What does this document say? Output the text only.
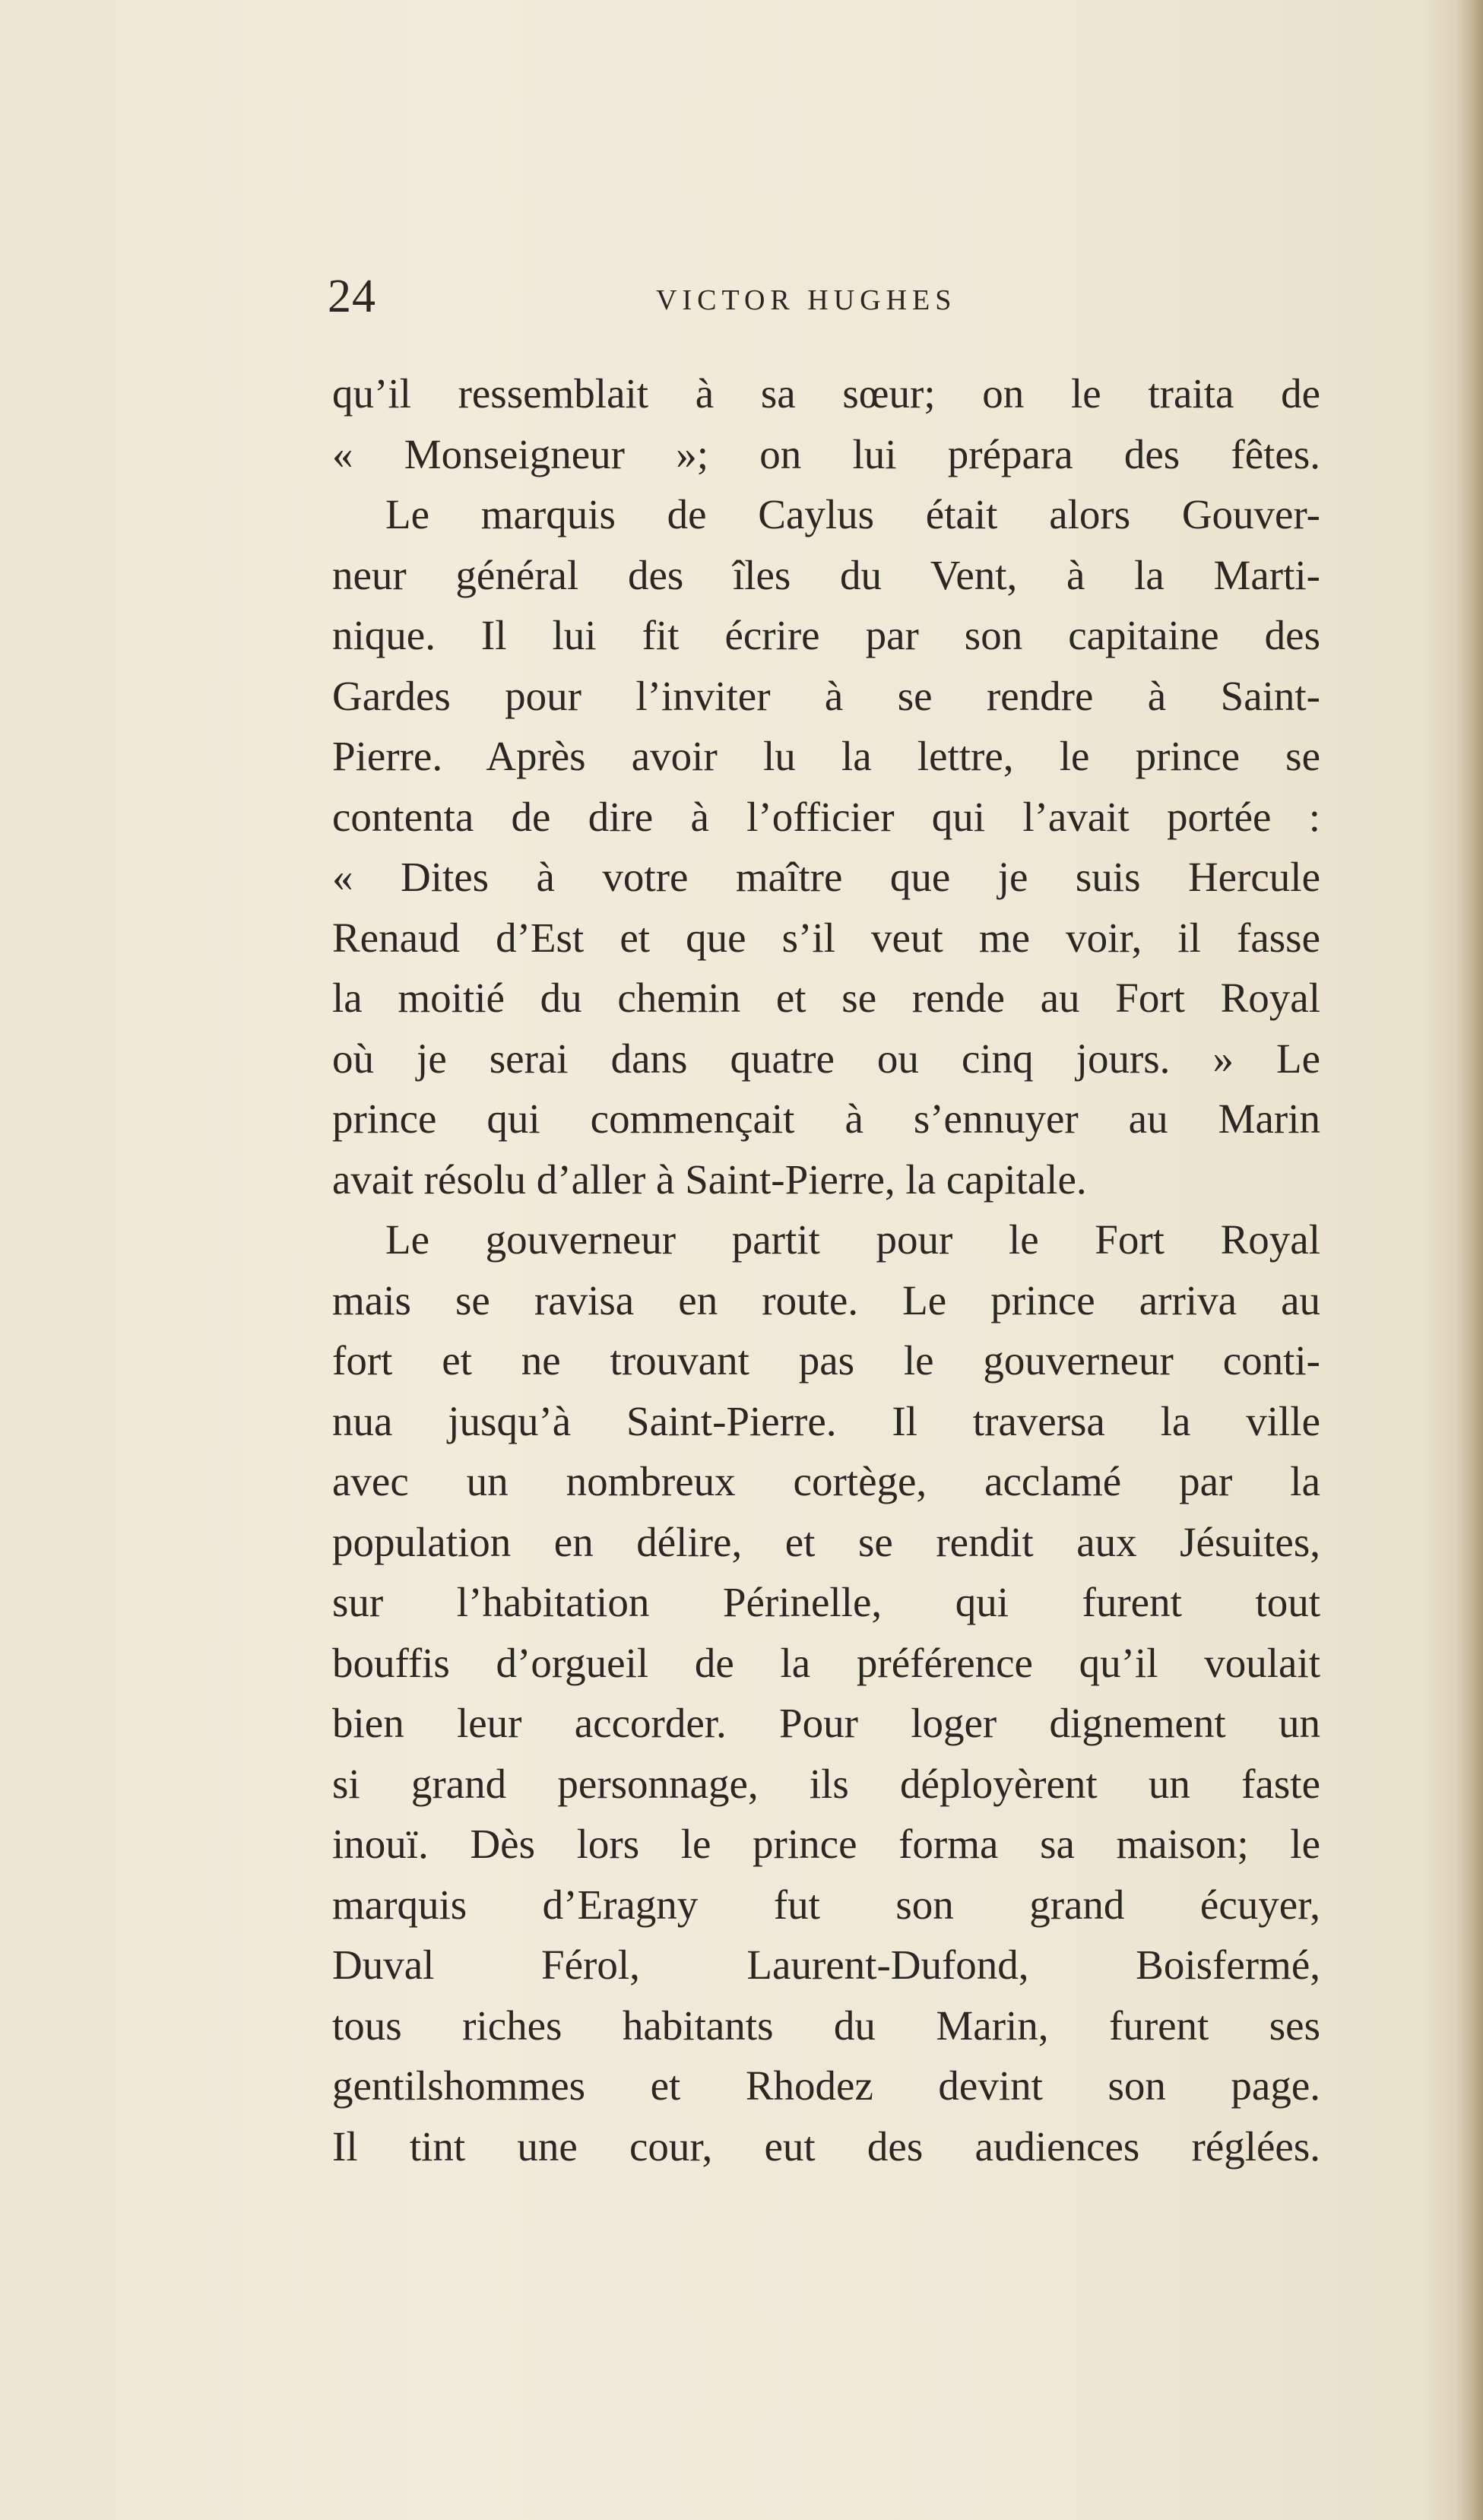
24	VICTOR HUGHES
qu’il ressemblait à sa sœur; on le traita de
« Monseigneur »; on lui prépara des fêtes.
Le marquis de Caylus était alors Gouver-
neur général des îles du Vent, à la Marti-
nique. Il lui fit écrire par son capitaine des
Gardes pour l’inviter à se rendre à Saint-
Pierre. Après avoir lu la lettre, le prince se
contenta de dire à l’officier qui l’avait portée :
« Dites à votre maître que je suis Hercule
Renaud d’Est et que s’il veut me voir, il fasse
la moitié du chemin et se rende au Fort Royal
où je serai dans quatre ou cinq jours. » Le
prince qui commençait à s’ennuyer au Marin
avait résolu d’aller à Saint-Pierre, la capitale.
Le gouverneur partit pour le Fort Royal
mais se ravisa en route. Le prince arriva au
fort et ne trouvant pas le gouverneur conti-
nua jusqu’à Saint-Pierre. Il traversa la ville
avec un nombreux cortège, acclamé par la
population en délire, et se rendit aux Jésuites,
sur l’habitation Périnelle, qui furent tout
bouffis d’orgueil de la préférence qu’il voulait
bien leur accorder. Pour loger dignement un
si grand personnage, ils déployèrent un faste
inouï. Dès lors le prince forma sa maison; le
marquis d’Eragny fut son grand écuyer,
Duval Férol, Laurent-Dufond, Boisfermé,
tous riches habitants du Marin, furent ses
gentilshommes et Rhodez devint son page.
Il tint une cour, eut des audiences réglées.
